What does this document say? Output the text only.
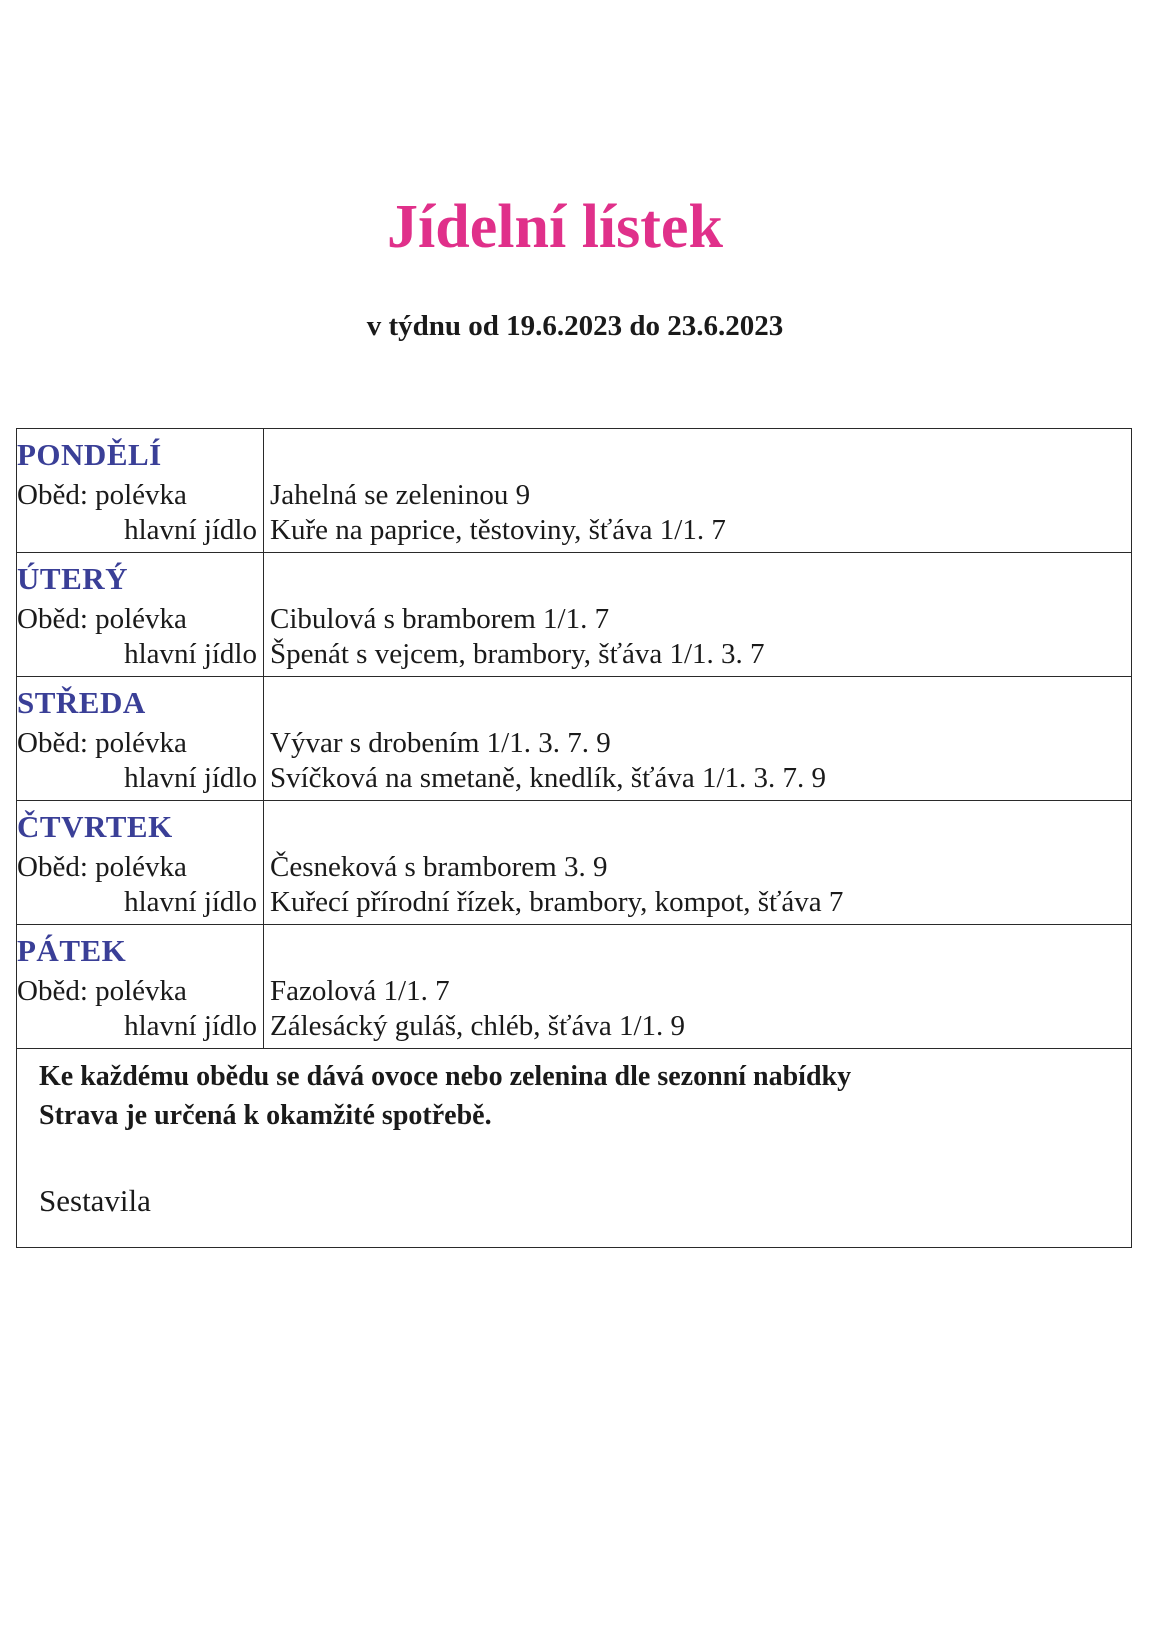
Jídelní lístek
v týdnu od 19.6.2023 do 23.6.2023
PONDĚLÍ
Oběd: polévka
hlavní jídlo
Jahelná se zeleninou 9
Kuře na paprice, těstoviny, šťáva 1/1. 7
ÚTERÝ
Oběd: polévka
hlavní jídlo
Cibulová s bramborem 1/1. 7
Špenát s vejcem, brambory, šťáva 1/1. 3. 7
STŘEDA
Oběd: polévka
hlavní jídlo
Vývar s drobením 1/1. 3. 7. 9
Svíčková na smetaně, knedlík, šťáva 1/1. 3. 7. 9
ČTVRTEK
Oběd: polévka
hlavní jídlo
Česneková s bramborem 3. 9
Kuřecí přírodní řízek, brambory, kompot, šťáva 7
PÁTEK
Oběd: polévka
hlavní jídlo
Fazolová 1/1. 7
Zálesácký guláš, chléb, šťáva 1/1. 9
Ke každému obědu se dává ovoce nebo zelenina dle sezonní nabídky
Strava je určená k okamžité spotřebě.
Sestavila
